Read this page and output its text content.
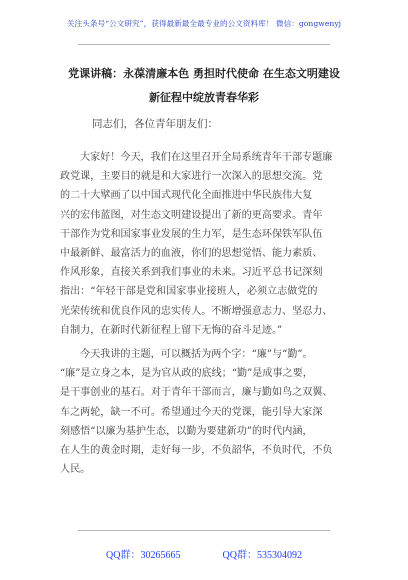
关注头条号“公文研究”，获得最新最全最专业的公文资料库！ 微信：gongwenyj
党课讲稿：永葆清廉本色 勇担时代使命 在生态文明建设
新征程中绽放青春华彩
同志们，各位青年朋友们：
大家好！今天，我们在这里召开全局系统青年干部专题廉
政党课，主要目的就是和大家进行一次深入的思想交流。党
的二十大擘画了以中国式现代化全面推进中华民族伟大复
兴的宏伟蓝图，对生态文明建设提出了新的更高要求。青年
干部作为党和国家事业发展的生力军，是生态环保铁军队伍
中最新鲜、最富活力的血液，你们的思想觉悟、能力素质、
作风形象，直接关系到我们事业的未来。习近平总书记深刻
指出：“年轻干部是党和国家事业接班人，必须立志做党的
光荣传统和优良作风的忠实传人。不断增强意志力、坚忍力、
自制力，在新时代新征程上留下无悔的奋斗足迹。”
今天我讲的主题，可以概括为两个字：“廉”与“勤”。
“廉”是立身之本，是为官从政的底线；“勤”是成事之要，
是干事创业的基石。对于青年干部而言，廉与勤如鸟之双翼、
车之两轮，缺一不可。希望通过今天的党课，能引导大家深
刻感悟“以廉为基护生态，以勤为要建新功”的时代内涵，
在人生的黄金时期，走好每一步，不负韶华，不负时代，不负
人民。
QQ群：30265665	QQ群：535304092
